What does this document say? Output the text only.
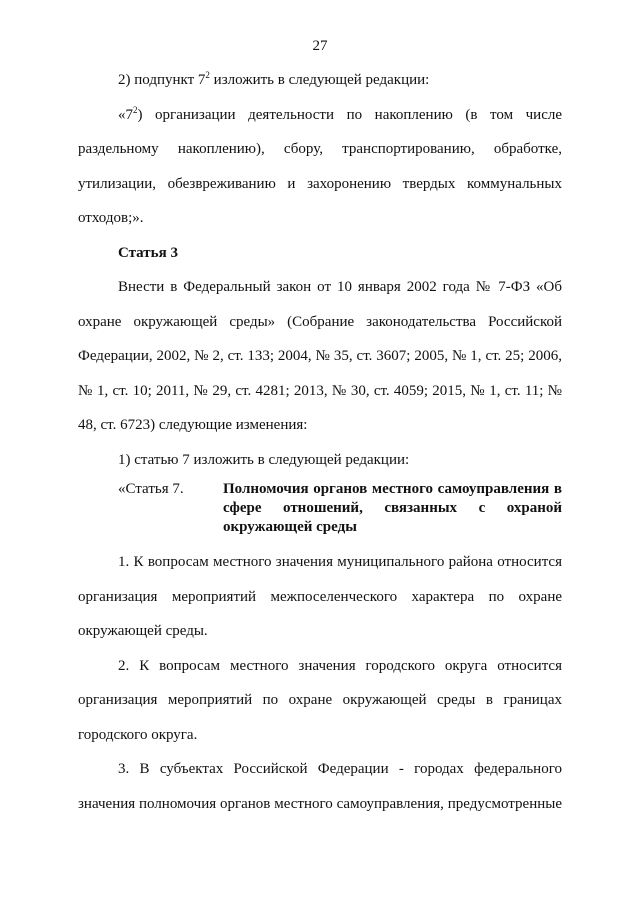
27

2) подпункт $7^2$ изложить в следующей редакции:

«$7^2$) организации деятельности по накоплению (в том числе раздельному накоплению), сбору, транспортированию, обработке, утилизации, обезвреживанию и захоронению твердых коммунальных отходов;».

Статья 3

Внести в Федеральный закон от 10 января 2002 года № 7-ФЗ «Об охране окружающей среды» (Собрание законодательства Российской Федерации, 2002, № 2, ст. 133; 2004, № 35, ст. 3607; 2005, № 1, ст. 25; 2006, № 1, ст. 10; 2011, № 29, ст. 4281; 2013, № 30, ст. 4059; 2015, № 1, ст. 11; № 48, ст. 6723) следующие изменения:

1) статью 7 изложить в следующей редакции:

«Статья 7.	Полномочия органов местного самоуправления в сфере отношений, связанных с охраной окружающей среды

1. К вопросам местного значения муниципального района относится организация мероприятий межпоселенческого характера по охране окружающей среды.

2. К вопросам местного значения городского округа относится организация мероприятий по охране окружающей среды в границах городского округа.

3. В субъектах Российской Федерации - городах федерального значения полномочия органов местного самоуправления, предусмотренные
